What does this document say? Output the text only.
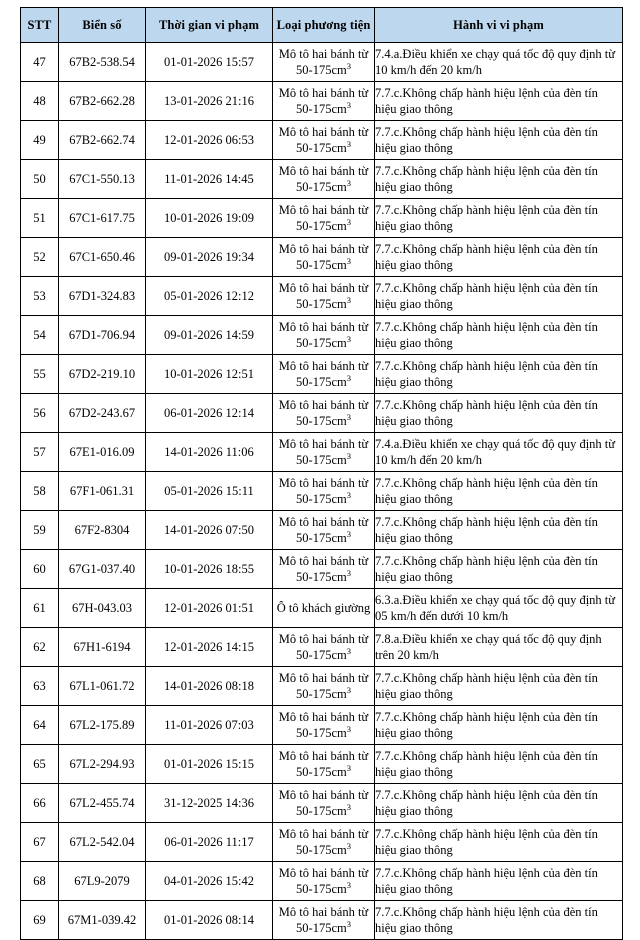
STT	Biển số	Thời gian vi phạm	Loại phương tiện	Hành vi vi phạm
47	67B2-538.54	01-01-2026 15:57	Mô tô hai bánh từ
$50-175cm^3$	7.4.a.Điều khiển xe chạy quá tốc độ quy định từ 10 km/h đến 20 km/h
48	67B2-662.28	13-01-2026 21:16	Mô tô hai bánh từ
$50-175cm^3$	7.7.c.Không chấp hành hiệu lệnh của đèn tín hiệu giao thông
49	67B2-662.74	12-01-2026 06:53	Mô tô hai bánh từ
$50-175cm^3$	7.7.c.Không chấp hành hiệu lệnh của đèn tín hiệu giao thông
50	67C1-550.13	11-01-2026 14:45	Mô tô hai bánh từ
$50-175cm^3$	7.7.c.Không chấp hành hiệu lệnh của đèn tín hiệu giao thông
51	67C1-617.75	10-01-2026 19:09	Mô tô hai bánh từ
$50-175cm^3$	7.7.c.Không chấp hành hiệu lệnh của đèn tín hiệu giao thông
52	67C1-650.46	09-01-2026 19:34	Mô tô hai bánh từ
$50-175cm^3$	7.7.c.Không chấp hành hiệu lệnh của đèn tín hiệu giao thông
53	67D1-324.83	05-01-2026 12:12	Mô tô hai bánh từ
$50-175cm^3$	7.7.c.Không chấp hành hiệu lệnh của đèn tín hiệu giao thông
54	67D1-706.94	09-01-2026 14:59	Mô tô hai bánh từ
$50-175cm^3$	7.7.c.Không chấp hành hiệu lệnh của đèn tín hiệu giao thông
55	67D2-219.10	10-01-2026 12:51	Mô tô hai bánh từ
$50-175cm^3$	7.7.c.Không chấp hành hiệu lệnh của đèn tín hiệu giao thông
56	67D2-243.67	06-01-2026 12:14	Mô tô hai bánh từ
$50-175cm^3$	7.7.c.Không chấp hành hiệu lệnh của đèn tín hiệu giao thông
57	67E1-016.09	14-01-2026 11:06	Mô tô hai bánh từ
$50-175cm^3$	7.4.a.Điều khiển xe chạy quá tốc độ quy định từ 10 km/h đến 20 km/h
58	67F1-061.31	05-01-2026 15:11	Mô tô hai bánh từ
$50-175cm^3$	7.7.c.Không chấp hành hiệu lệnh của đèn tín hiệu giao thông
59	67F2-8304	14-01-2026 07:50	Mô tô hai bánh từ
$50-175cm^3$	7.7.c.Không chấp hành hiệu lệnh của đèn tín hiệu giao thông
60	67G1-037.40	10-01-2026 18:55	Mô tô hai bánh từ
$50-175cm^3$	7.7.c.Không chấp hành hiệu lệnh của đèn tín hiệu giao thông
61	67H-043.03	12-01-2026 01:51	Ô tô khách giường	6.3.a.Điều khiển xe chạy quá tốc độ quy định từ 05 km/h đến dưới 10 km/h
62	67H1-6194	12-01-2026 14:15	Mô tô hai bánh từ
$50-175cm^3$	7.8.a.Điều khiển xe chạy quá tốc độ quy định trên 20 km/h
63	67L1-061.72	14-01-2026 08:18	Mô tô hai bánh từ
$50-175cm^3$	7.7.c.Không chấp hành hiệu lệnh của đèn tín hiệu giao thông
64	67L2-175.89	11-01-2026 07:03	Mô tô hai bánh từ
$50-175cm^3$	7.7.c.Không chấp hành hiệu lệnh của đèn tín hiệu giao thông
65	67L2-294.93	01-01-2026 15:15	Mô tô hai bánh từ
$50-175cm^3$	7.7.c.Không chấp hành hiệu lệnh của đèn tín hiệu giao thông
66	67L2-455.74	31-12-2025 14:36	Mô tô hai bánh từ
$50-175cm^3$	7.7.c.Không chấp hành hiệu lệnh của đèn tín hiệu giao thông
67	67L2-542.04	06-01-2026 11:17	Mô tô hai bánh từ
$50-175cm^3$	7.7.c.Không chấp hành hiệu lệnh của đèn tín hiệu giao thông
68	67L9-2079	04-01-2026 15:42	Mô tô hai bánh từ
$50-175cm^3$	7.7.c.Không chấp hành hiệu lệnh của đèn tín hiệu giao thông
69	67M1-039.42	01-01-2026 08:14	Mô tô hai bánh từ
$50-175cm^3$	7.7.c.Không chấp hành hiệu lệnh của đèn tín hiệu giao thông
